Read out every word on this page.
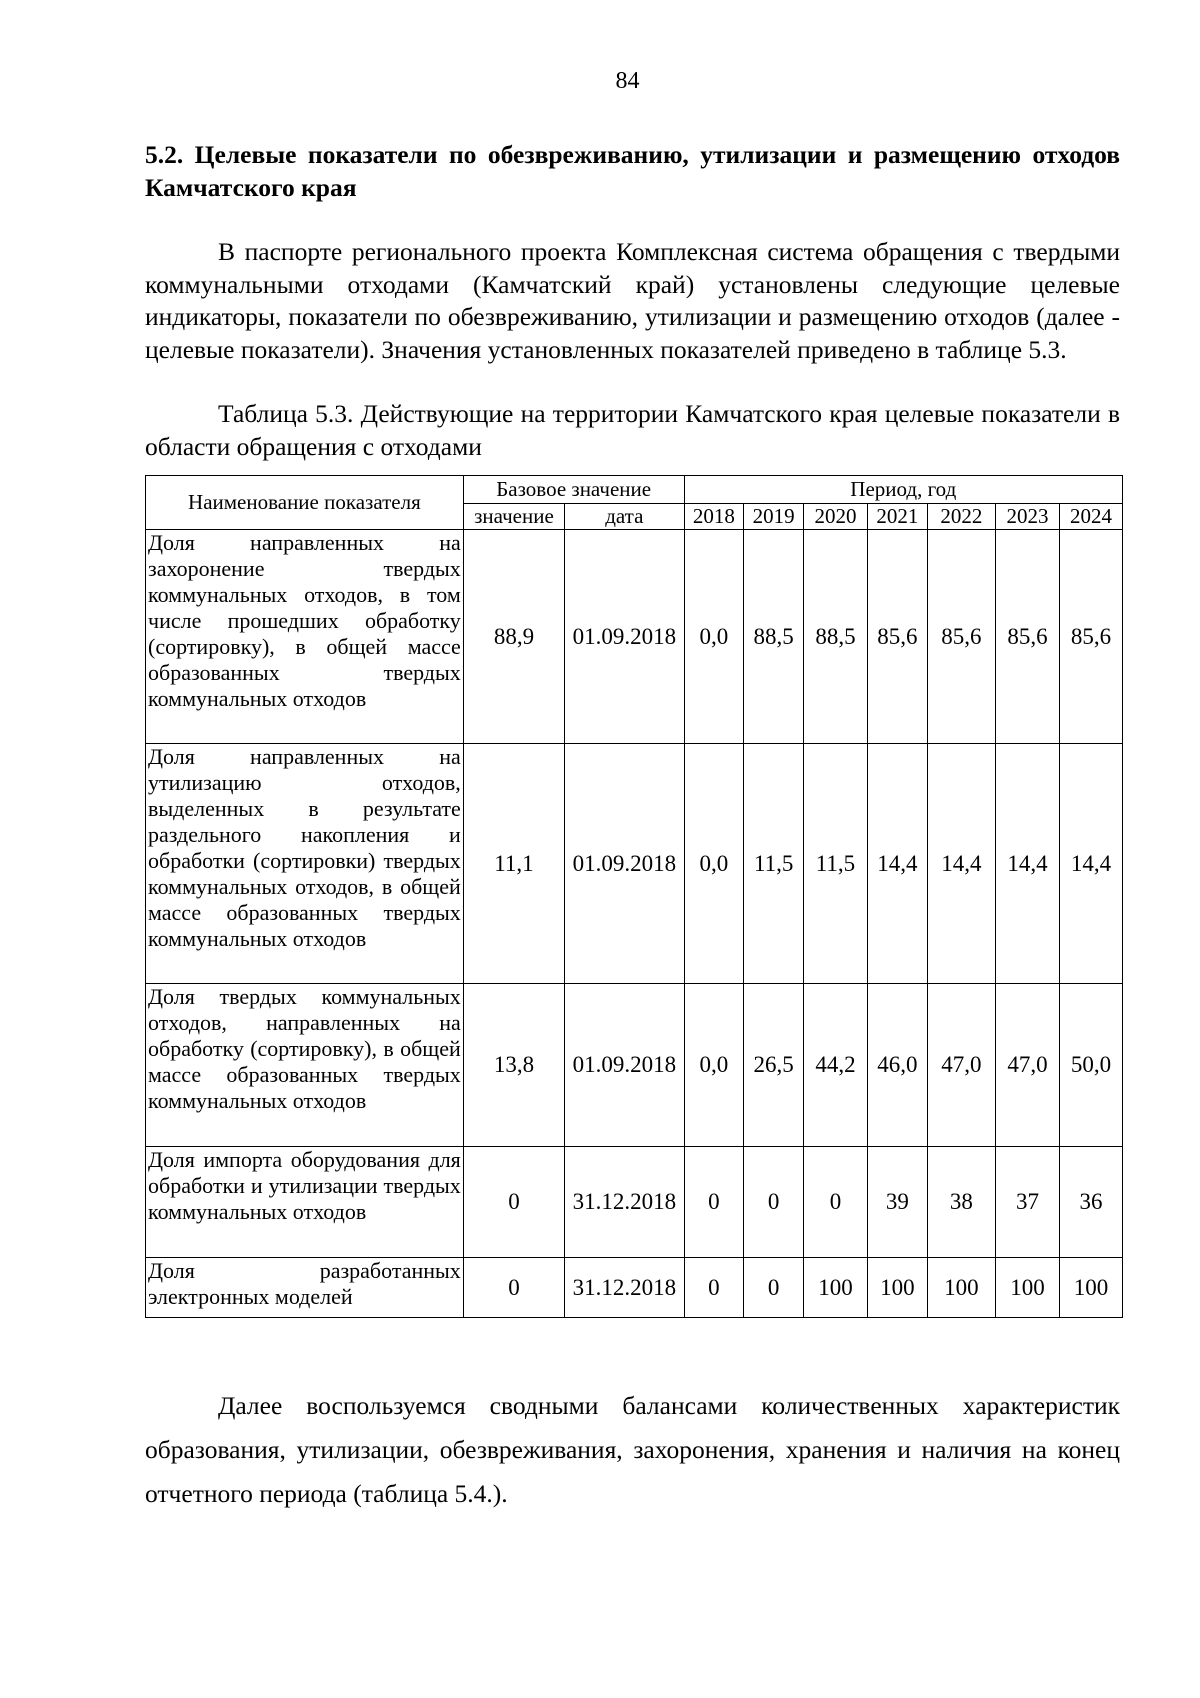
84
5.2. Целевые показатели по обезвреживанию, утилизации и размещению отходов Камчатского края

В паспорте регионального проекта Комплексная система обращения с твердыми коммунальными отходами (Камчатский край) установлены следующие целевые индикаторы, показатели по обезвреживанию, утилизации и размещению отходов (далее - целевые показатели). Значения установленных показателей приведено в таблице 5.3.

Таблица 5.3. Действующие на территории Камчатского края целевые показатели в области обращения с отходами

Наименование показателя	Базовое значение		Период, год						
	значение	дата	2018	2019	2020	2021	2022	2023	2024
Доля направленных на захоронение твердых коммунальных отходов, в том числе прошедших обработку (сортировку), в общей массе образованных твердых коммунальных отходов	88,9	01.09.2018	0,0	88,5	88,5	85,6	85,6	85,6	85,6
Доля направленных на утилизацию отходов, выделенных в результате раздельного накопления и обработки (сортировки) твердых коммунальных отходов, в общей массе образованных твердых коммунальных отходов	11,1	01.09.2018	0,0	11,5	11,5	14,4	14,4	14,4	14,4
Доля твердых коммунальных отходов, направленных на обработку (сортировку), в общей массе образованных твердых коммунальных отходов	13,8	01.09.2018	0,0	26,5	44,2	46,0	47,0	47,0	50,0
Доля импорта оборудования для обработки и утилизации твердых коммунальных отходов	0	31.12.2018	0	0	0	39	38	37	36
Доля разработанных электронных моделей	0	31.12.2018	0	0	100	100	100	100	100

Далее воспользуемся сводными балансами количественных характеристик образования, утилизации, обезвреживания, захоронения, хранения и наличия на конец отчетного периода (таблица 5.4.).
